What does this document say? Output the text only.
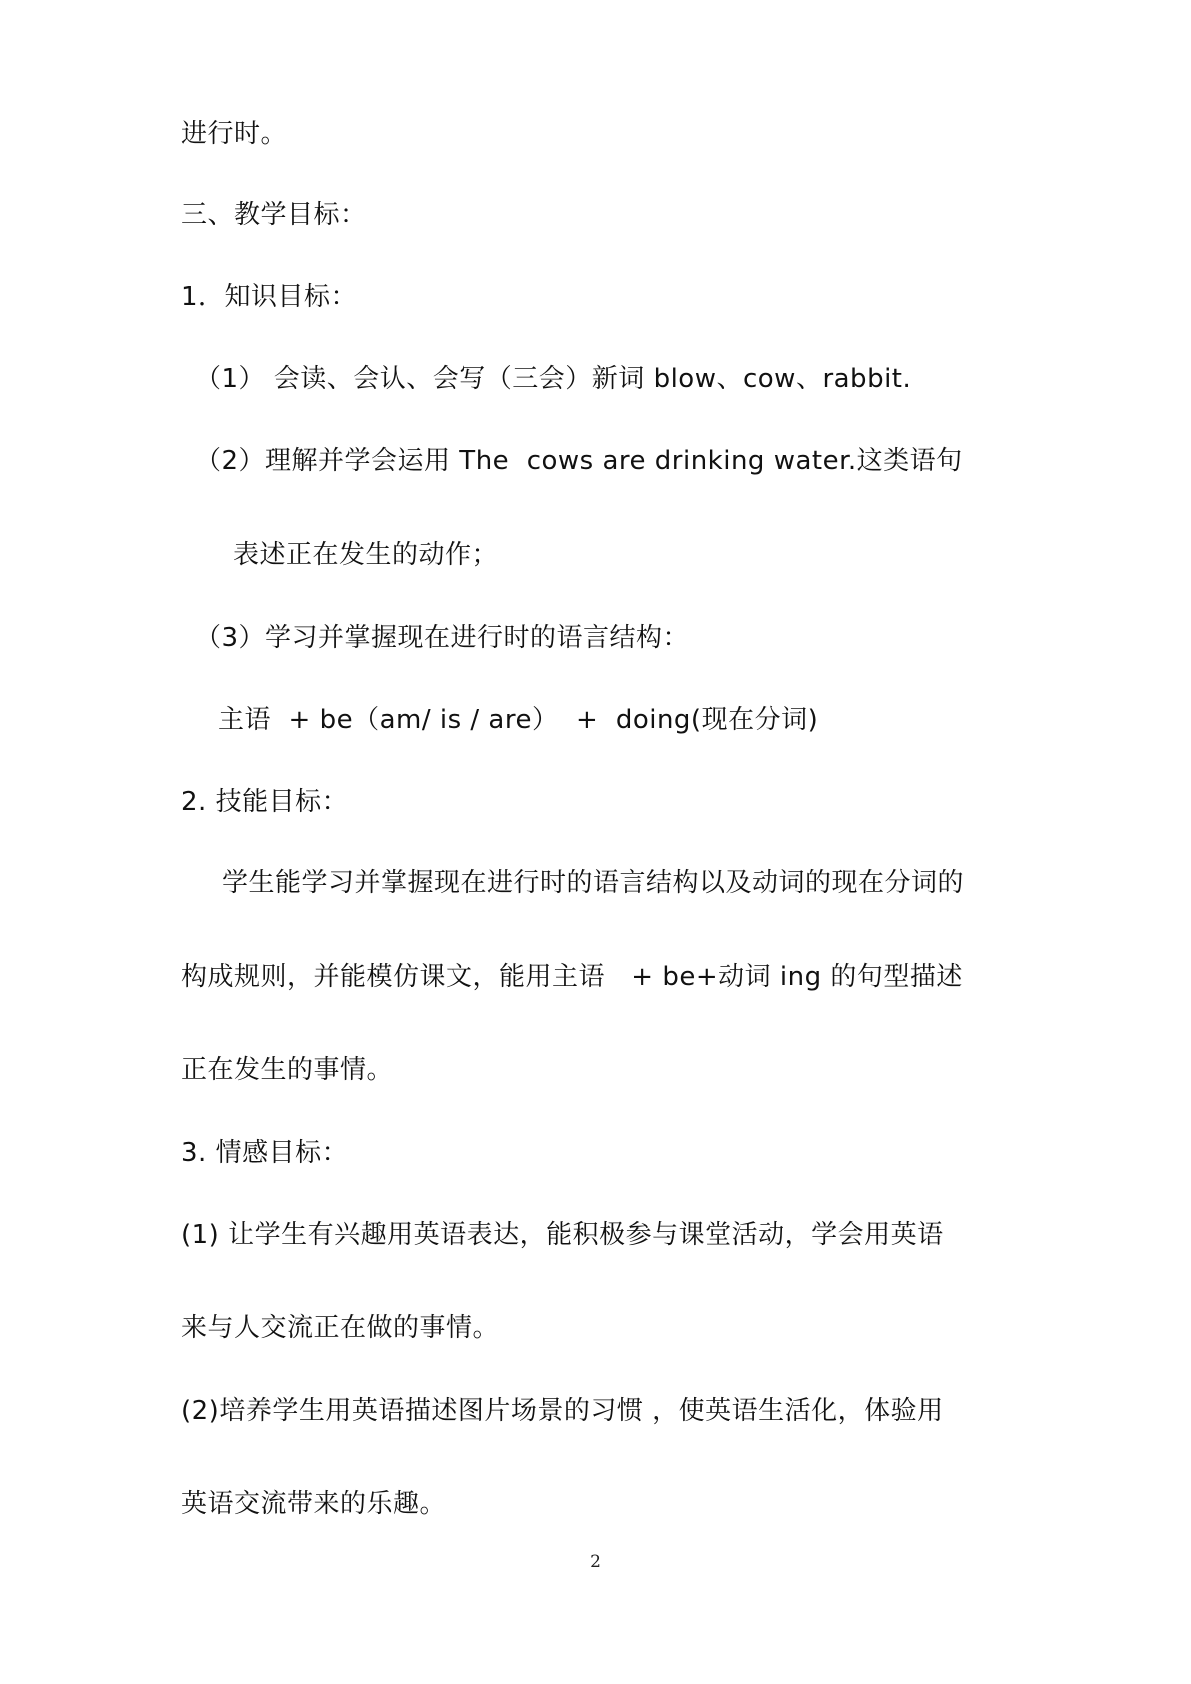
进行时。
三、教学目标：
1．知识目标：
（1） 会读、会认、会写（三会）新词 blow、cow、rabbit.
（2）理解并学会运用 The  cows are drinking water.这类语句
表述正在发生的动作；
（3）学习并掌握现在进行时的语言结构：
主语  + be（am/ is / are）  +  doing(现在分词)
2. 技能目标：
学生能学习并掌握现在进行时的语言结构以及动词的现在分词的
构成规则，并能模仿课文，能用主语   + be+动词 ing 的句型描述
正在发生的事情。
3. 情感目标：
(1) 让学生有兴趣用英语表达，能积极参与课堂活动，学会用英语
来与人交流正在做的事情。
(2)培养学生用英语描述图片场景的习惯 ，使英语生活化，体验用
英语交流带来的乐趣。
2
